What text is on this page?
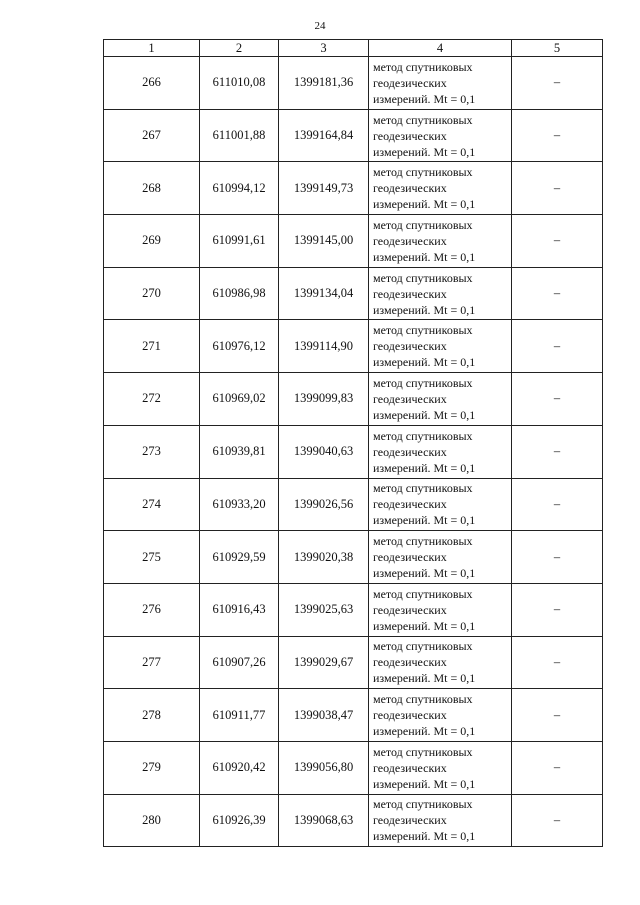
24
1	2	3	4	5
266	611010,08	1399181,36	метод спутниковых
геодезических
измерений. Mt = 0,1	–
267	611001,88	1399164,84	метод спутниковых
геодезических
измерений. Mt = 0,1	–
268	610994,12	1399149,73	метод спутниковых
геодезических
измерений. Mt = 0,1	–
269	610991,61	1399145,00	метод спутниковых
геодезических
измерений. Mt = 0,1	–
270	610986,98	1399134,04	метод спутниковых
геодезических
измерений. Mt = 0,1	–
271	610976,12	1399114,90	метод спутниковых
геодезических
измерений. Mt = 0,1	–
272	610969,02	1399099,83	метод спутниковых
геодезических
измерений. Mt = 0,1	–
273	610939,81	1399040,63	метод спутниковых
геодезических
измерений. Mt = 0,1	–
274	610933,20	1399026,56	метод спутниковых
геодезических
измерений. Mt = 0,1	–
275	610929,59	1399020,38	метод спутниковых
геодезических
измерений. Mt = 0,1	–
276	610916,43	1399025,63	метод спутниковых
геодезических
измерений. Mt = 0,1	–
277	610907,26	1399029,67	метод спутниковых
геодезических
измерений. Mt = 0,1	–
278	610911,77	1399038,47	метод спутниковых
геодезических
измерений. Mt = 0,1	–
279	610920,42	1399056,80	метод спутниковых
геодезических
измерений. Mt = 0,1	–
280	610926,39	1399068,63	метод спутниковых
геодезических
измерений. Mt = 0,1	–
